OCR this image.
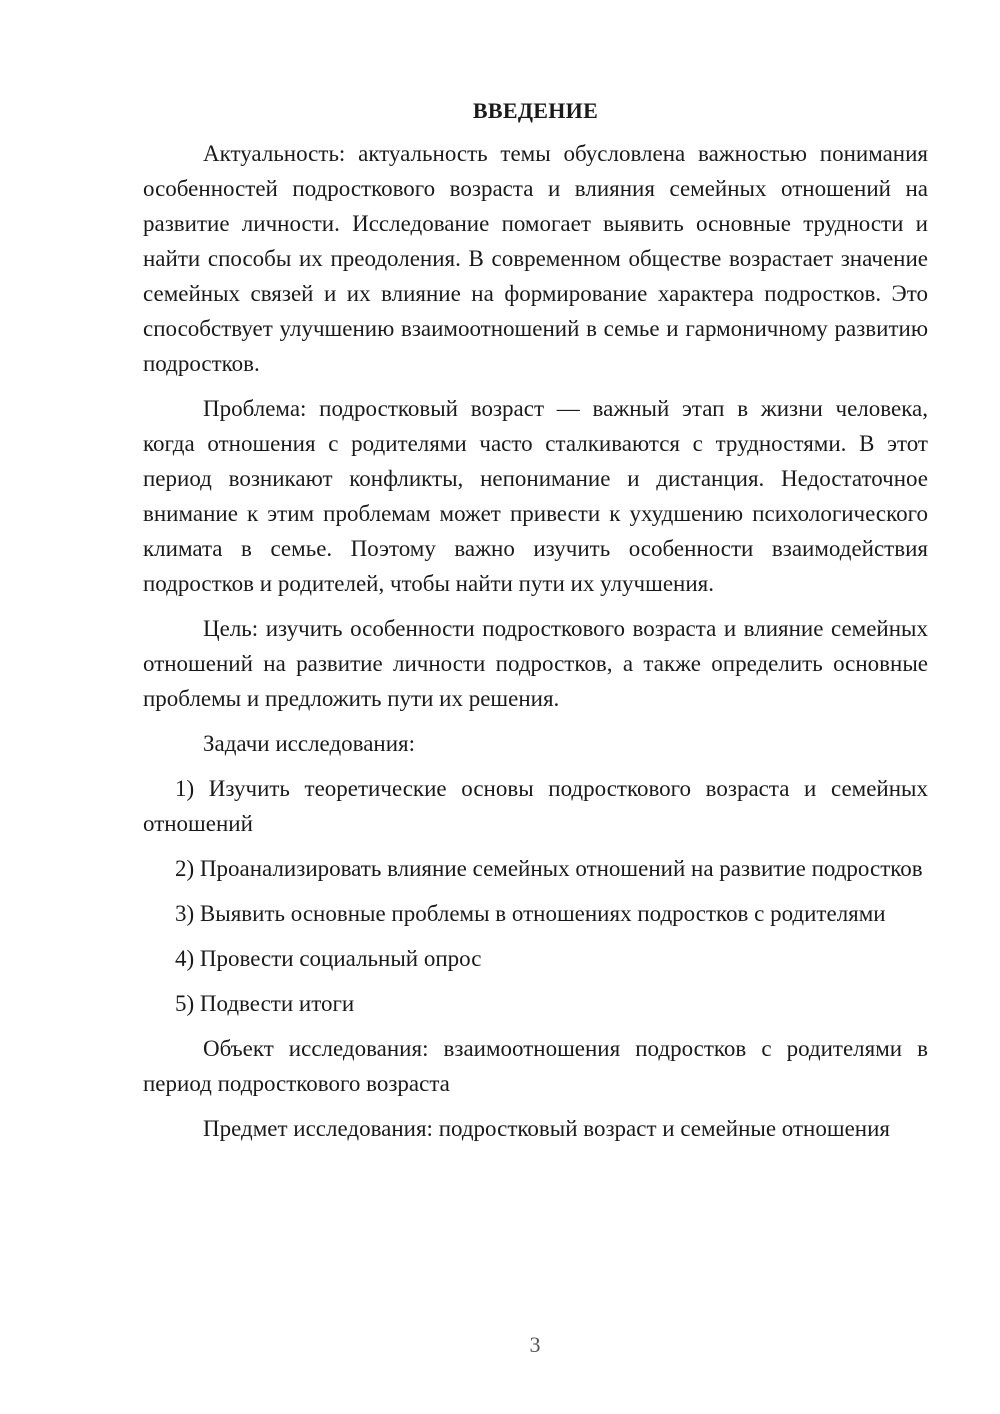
ВВЕДЕНИЕ

Актуальность: актуальность темы обусловлена важностью понимания особенностей подросткового возраста и влияния семейных отношений на развитие личности. Исследование помогает выявить основные трудности и найти способы их преодоления. В современном обществе возрастает значение семейных связей и их влияние на формирование характера подростков. Это способствует улучшению взаимоотношений в семье и гармоничному развитию подростков.

Проблема: подростковый возраст — важный этап в жизни человека, когда отношения с родителями часто сталкиваются с трудностями. В этот период возникают конфликты, непонимание и дистанция. Недостаточное внимание к этим проблемам может привести к ухудшению психологического климата в семье. Поэтому важно изучить особенности взаимодействия подростков и родителей, чтобы найти пути их улучшения.

Цель: изучить особенности подросткового возраста и влияние семейных отношений на развитие личности подростков, а также определить основные проблемы и предложить пути их решения.

Задачи исследования:

1) Изучить теоретические основы подросткового возраста и семейных отношений

2) Проанализировать влияние семейных отношений на развитие подростков

3) Выявить основные проблемы в отношениях подростков с родителями

4) Провести социальный опрос

5) Подвести итоги

Объект исследования: взаимоотношения подростков с родителями в период подросткового возраста

Предмет исследования: подростковый возраст и семейные отношения

3
